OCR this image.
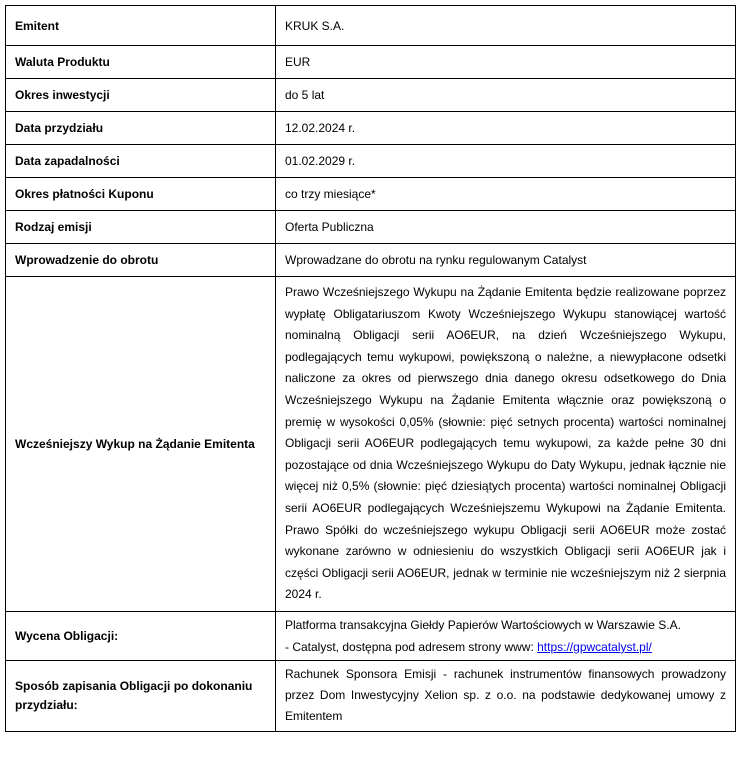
Emitent	KRUK S.A.
Waluta Produktu	EUR
Okres inwestycji	do 5 lat
Data przydziału	12.02.2024 r.
Data zapadalności	01.02.2029 r.
Okres płatności Kuponu	co trzy miesiące*
Rodzaj emisji	Oferta Publiczna
Wprowadzenie do obrotu	Wprowadzane do obrotu na rynku regulowanym Catalyst
Wcześniejszy Wykup na Żądanie Emitenta	Prawo Wcześniejszego Wykupu na Żądanie Emitenta będzie realizowane poprzez wypłatę Obligatariuszom Kwoty Wcześniejszego Wykupu stanowiącej wartość nominalną Obligacji serii AO6EUR, na dzień Wcześniejszego Wykupu, podlegających temu wykupowi, powiększoną o należne, a niewypłacone odsetki naliczone za okres od pierwszego dnia danego okresu odsetkowego do Dnia Wcześniejszego Wykupu na Żądanie Emitenta włącznie oraz powiększoną o premię w wysokości 0,05% (słownie: pięć setnych procenta) wartości nominalnej Obligacji serii AO6EUR podlegających temu wykupowi, za każde pełne 30 dni pozostające od dnia Wcześniejszego Wykupu do Daty Wykupu, jednak łącznie nie więcej niż 0,5% (słownie: pięć dziesiątych procenta) wartości nominalnej Obligacji serii AO6EUR podlegających Wcześniejszemu Wykupowi na Żądanie Emitenta. Prawo Spółki do wcześniejszego wykupu Obligacji serii AO6EUR może zostać wykonane zarówno w odniesieniu do wszystkich Obligacji serii AO6EUR jak i części Obligacji serii AO6EUR, jednak w terminie nie wcześniejszym niż 2 sierpnia 2024 r.
Wycena Obligacji:	Platforma transakcyjna Giełdy Papierów Wartościowych w Warszawie S.A.
- Catalyst, dostępna pod adresem strony www: https://gpwcatalyst.pl/
Sposób zapisania Obligacji po dokonaniu przydziału:	Rachunek Sponsora Emisji - rachunek instrumentów finansowych prowadzony przez Dom Inwestycyjny Xelion sp. z o.o. na podstawie dedykowanej umowy z Emitentem
